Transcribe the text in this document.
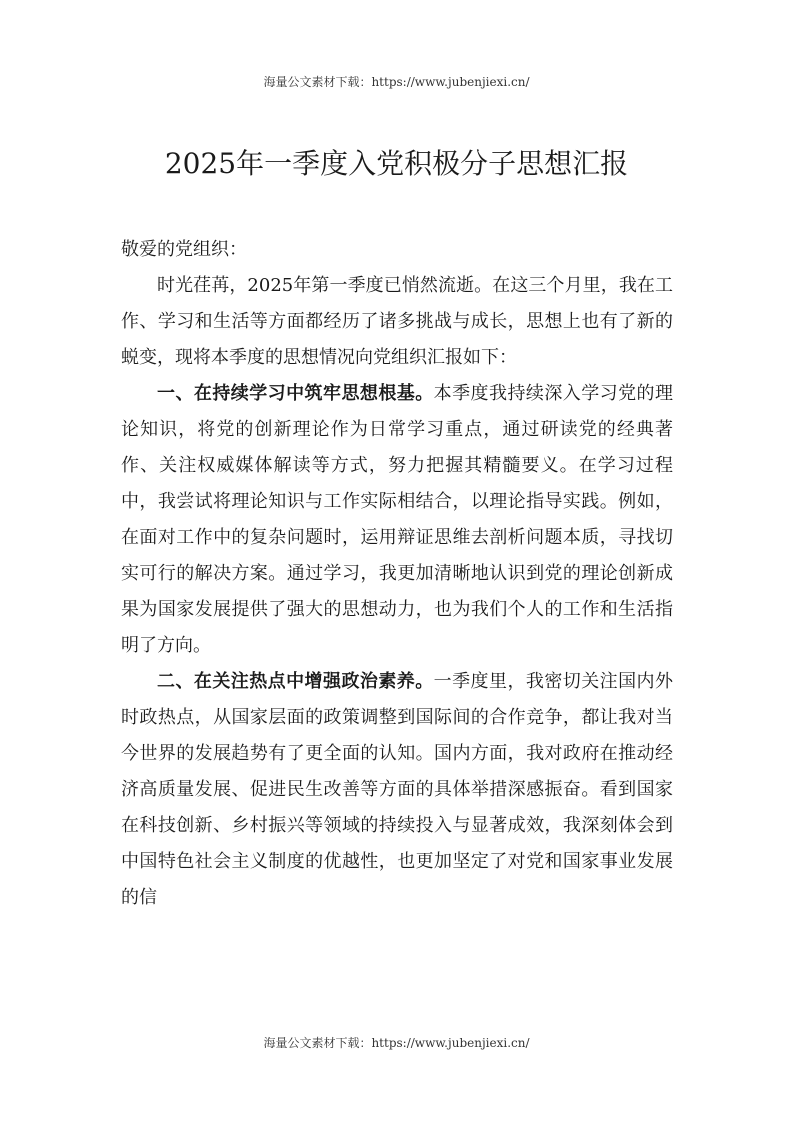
海量公文素材下载：https://www.jubenjiexi.cn/
2025年一季度入党积极分子思想汇报

敬爱的党组织：

时光荏苒，2025年第一季度已悄然流逝。在这三个月里，我在工作、学习和生活等方面都经历了诸多挑战与成长，思想上也有了新的蜕变，现将本季度的思想情况向党组织汇报如下：

一、在持续学习中筑牢思想根基。本季度我持续深入学习党的理论知识，将党的创新理论作为日常学习重点，通过研读党的经典著作、关注权威媒体解读等方式，努力把握其精髓要义。在学习过程中，我尝试将理论知识与工作实际相结合，以理论指导实践。例如，在面对工作中的复杂问题时，运用辩证思维去剖析问题本质，寻找切实可行的解决方案。通过学习，我更加清晰地认识到党的理论创新成果为国家发展提供了强大的思想动力，也为我们个人的工作和生活指明了方向。

二、在关注热点中增强政治素养。一季度里，我密切关注国内外时政热点，从国家层面的政策调整到国际间的合作竞争，都让我对当今世界的发展趋势有了更全面的认知。国内方面，我对政府在推动经济高质量发展、促进民生改善等方面的具体举措深感振奋。看到国家在科技创新、乡村振兴等领域的持续投入与显著成效，我深刻体会到中国特色社会主义制度的优越性，也更加坚定了对党和国家事业发展的信

海量公文素材下载：https://www.jubenjiexi.cn/
